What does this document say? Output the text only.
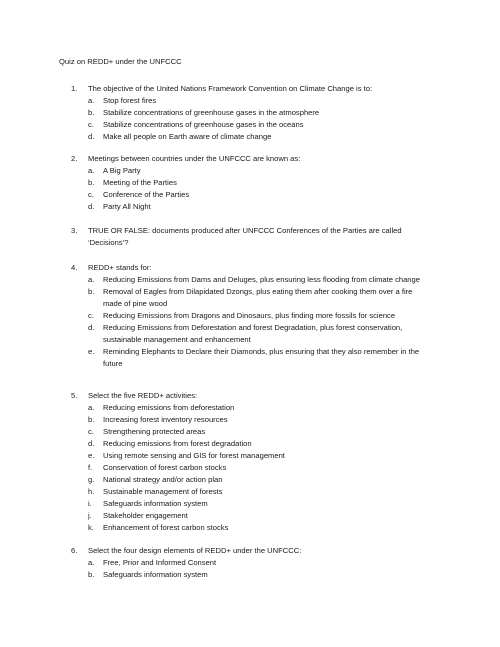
Quiz on REDD+ under the UNFCCC
1.	The objective of the United Nations Framework Convention on Climate Change is to:
a.	Stop forest fires
b.	Stabilize concentrations of greenhouse gases in the atmosphere
c.	Stabilize concentrations of greenhouse gases in the oceans
d.	Make all people on Earth aware of climate change
2.	Meetings between countries under the UNFCCC are known as:
a.	A Big Party
b.	Meeting of the Parties
c.	Conference of the Parties
d.	Party All Night
3.	TRUE OR FALSE: documents produced after UNFCCC Conferences of the Parties are called ‘Decisions’?
4.	REDD+ stands for:
a.	Reducing Emissions from Dams and Deluges, plus ensuring less flooding from climate change
b.	Removal of Eagles from Dilapidated Dzongs, plus eating them after cooking them over a fire made of pine wood
c.	Reducing Emissions from Dragons and Dinosaurs, plus finding more fossils for science
d.	Reducing Emissions from Deforestation and forest Degradation, plus forest conservation, sustainable management and enhancement
e.	Reminding Elephants to Declare their Diamonds, plus ensuring that they also remember in the future
5.	Select the five REDD+ activities:
a.	Reducing emissions from deforestation
b.	Increasing forest inventory resources
c.	Strengthening protected areas
d.	Reducing emissions from forest degradation
e.	Using remote sensing and GIS for forest management
f.	Conservation of forest carbon stocks
g.	National strategy and/or action plan
h.	Sustainable management of forests
i.	Safeguards information system
j.	Stakeholder engagement
k.	Enhancement of forest carbon stocks
6.	Select the four design elements of REDD+ under the UNFCCC:
a.	Free, Prior and Informed Consent
b.	Safeguards information system
